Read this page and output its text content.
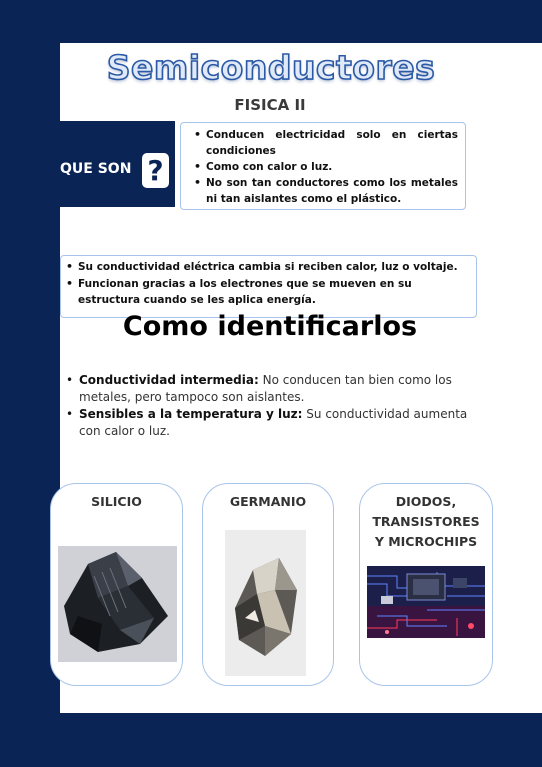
Semiconductores
FISICA II
QUE SON ?
• Conducen electricidad solo en ciertas condiciones
• Como con calor o luz.
• No son tan conductores como los metales ni tan aislantes como el plástico.
• Su conductividad eléctrica cambia si reciben calor, luz o voltaje.
• Funcionan gracias a los electrones que se mueven en su estructura cuando se les aplica energía.
Como identificarlos
• Conductividad intermedia: No conducen tan bien como los metales, pero tampoco son aislantes.
• Sensibles a la temperatura y luz: Su conductividad aumenta con calor o luz.
SILICIO	GERMANIO	DIODOS, TRANSISTORES Y MICROCHIPS
